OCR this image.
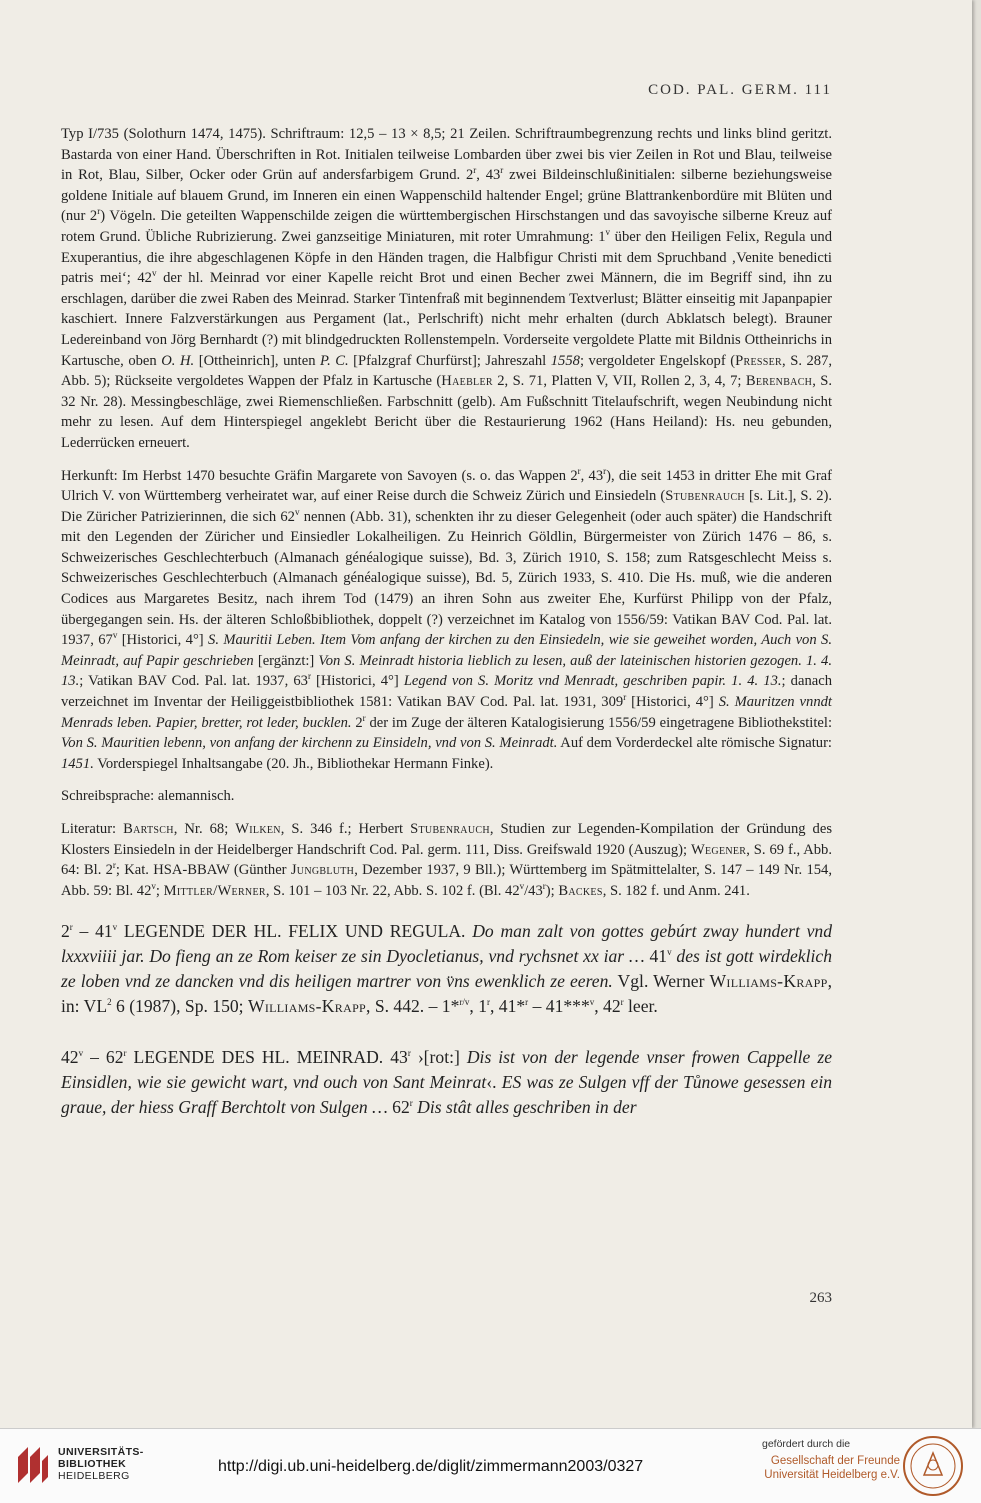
COD. PAL. GERM. 111

Typ I/735 (Solothurn 1474, 1475). Schriftraum: 12,5 – 13 × 8,5; 21 Zeilen. Schriftraumbegrenzung rechts und links blind geritzt. Bastarda von einer Hand. Überschriften in Rot. Initialen teilweise Lombarden über zwei bis vier Zeilen in Rot und Blau, teilweise in Rot, Blau, Silber, Ocker oder Grün auf andersfarbigem Grund. 2$^r$, 43$^r$ zwei Bildeinschlußinitialen: silberne beziehungsweise goldene Initiale auf blauem Grund, im Inneren ein einen Wappenschild haltender Engel; grüne Blattrankenbordüre mit Blüten und (nur 2$^r$) Vögeln. Die geteilten Wappenschilde zeigen die württembergischen Hirschstangen und das savoyische silberne Kreuz auf rotem Grund. Übliche Rubrizierung. Zwei ganzseitige Miniaturen, mit roter Umrahmung: 1$^v$ über den Heiligen Felix, Regula und Exuperantius, die ihre abgeschlagenen Köpfe in den Händen tragen, die Halbfigur Christi mit dem Spruchband ‚Venite benedicti patris mei‘; 42$^v$ der hl. Meinrad vor einer Kapelle reicht Brot und einen Becher zwei Männern, die im Begriff sind, ihn zu erschlagen, darüber die zwei Raben des Meinrad. Starker Tintenfraß mit beginnendem Textverlust; Blätter einseitig mit Japanpapier kaschiert. Innere Falzverstärkungen aus Pergament (lat., Perlschrift) nicht mehr erhalten (durch Abklatsch belegt). Brauner Ledereinband von Jörg Bernhardt (?) mit blindgedruckten Rollenstempeln. Vorderseite vergoldete Platte mit Bildnis Ottheinrichs in Kartusche, oben O. H. [Ottheinrich], unten P. C. [Pfalzgraf Churfürst]; Jahreszahl 1558; vergoldeter Engelskopf (Presser, S. 287, Abb. 5); Rückseite vergoldetes Wappen der Pfalz in Kartusche (Haebler 2, S. 71, Platten V, VII, Rollen 2, 3, 4, 7; Berenbach, S. 32 Nr. 28). Messingbeschläge, zwei Riemenschließen. Farbschnitt (gelb). Am Fußschnitt Titelaufschrift, wegen Neubindung nicht mehr zu lesen. Auf dem Hinterspiegel angeklebt Bericht über die Restaurierung 1962 (Hans Heiland): Hs. neu gebunden, Lederrücken erneuert.

Herkunft: Im Herbst 1470 besuchte Gräfin Margarete von Savoyen (s. o. das Wappen 2$^r$, 43$^r$), die seit 1453 in dritter Ehe mit Graf Ulrich V. von Württemberg verheiratet war, auf einer Reise durch die Schweiz Zürich und Einsiedeln (Stubenrauch [s. Lit.], S. 2). Die Züricher Patrizierinnen, die sich 62$^v$ nennen (Abb. 31), schenkten ihr zu dieser Gelegenheit (oder auch später) die Handschrift mit den Legenden der Züricher und Einsiedler Lokalheiligen. Zu Heinrich Göldlin, Bürgermeister von Zürich 1476 – 86, s. Schweizerisches Geschlechterbuch (Almanach généalogique suisse), Bd. 3, Zürich 1910, S. 158; zum Ratsgeschlecht Meiss s. Schweizerisches Geschlechterbuch (Almanach généalogique suisse), Bd. 5, Zürich 1933, S. 410. Die Hs. muß, wie die anderen Codices aus Margaretes Besitz, nach ihrem Tod (1479) an ihren Sohn aus zweiter Ehe, Kurfürst Philipp von der Pfalz, übergegangen sein. Hs. der älteren Schloßbibliothek, doppelt (?) verzeichnet im Katalog von 1556/59: Vatikan BAV Cod. Pal. lat. 1937, 67$^v$ [Historici, 4°] S. Mauritii Leben. Item Vom anfang der kirchen zu den Einsiedeln, wie sie geweihet worden, Auch von S. Meinradt, auf Papir geschrieben [ergänzt:] Von S. Meinradt historia lieblich zu lesen, auß der lateinischen historien gezogen. 1. 4. 13.; Vatikan BAV Cod. Pal. lat. 1937, 63$^r$ [Historici, 4°] Legend von S. Moritz vnd Menradt, geschriben papir. 1. 4. 13.; danach verzeichnet im Inventar der Heiliggeistbibliothek 1581: Vatikan BAV Cod. Pal. lat. 1931, 309$^r$ [Historici, 4°] S. Mauritzen vnndt Menrads leben. Papier, bretter, rot leder, bucklen. 2$^r$ der im Zuge der älteren Katalogisierung 1556/59 eingetragene Bibliothekstitel: Von S. Mauritien lebenn, von anfang der kirchenn zu Einsideln, vnd von S. Meinradt. Auf dem Vorderdeckel alte römische Signatur: 1451. Vorderspiegel Inhaltsangabe (20. Jh., Bibliothekar Hermann Finke).

Schreibsprache: alemannisch.

Literatur: Bartsch, Nr. 68; Wilken, S. 346 f.; Herbert Stubenrauch, Studien zur Legenden-Kompilation der Gründung des Klosters Einsiedeln in der Heidelberger Handschrift Cod. Pal. germ. 111, Diss. Greifswald 1920 (Auszug); Wegener, S. 69 f., Abb. 64: Bl. 2$^r$; Kat. HSA-BBAW (Günther Jungbluth, Dezember 1937, 9 Bll.); Württemberg im Spätmittelalter, S. 147 – 149 Nr. 154, Abb. 59: Bl. 42$^v$; Mittler/Werner, S. 101 – 103 Nr. 22, Abb. S. 102 f. (Bl. 42$^v$/43$^r$); Backes, S. 182 f. und Anm. 241.

2$^r$ – 41$^v$ LEGENDE DER HL. FELIX UND REGULA. Do man zalt von gottes gebúrt zway hundert vnd lxxxviiii jar. Do fieng an ze Rom keiser ze sin Dyocletianus, vnd rychsnet xx iar … 41$^v$ des ist gott wirdeklich ze loben vnd ze dancken vnd dis heiligen martrer von v̈ns ewenklich ze eeren. Vgl. Werner Williams-Krapp, in: $VL^2$ 6 (1987), Sp. 150; Williams-Krapp, S. 442. – 1*$^{r/v}$, 1$^r$, 41*$^r$ – 41***$^v$, 42$^r$ leer.

42$^v$ – 62$^r$ LEGENDE DES HL. MEINRAD. 43$^r$ ›[rot:] Dis ist von der legende vnser frowen Cappelle ze Einsidlen, wie sie gewicht wart, vnd ouch von Sant Meinrat‹. ES was ze Sulgen vff der Tůnowe gesessen ein graue, der hiess Graff Berchtolt von Sulgen … 62$^r$ Dis stât alles geschriben in der

263
UNIVERSITÄTS-
BIBLIOTHEK
HEIDELBERG
http://digi.ub.uni-heidelberg.de/diglit/zimmermann2003/0327
gefördert durch die
Gesellschaft der Freunde
Universität Heidelberg e.V.
